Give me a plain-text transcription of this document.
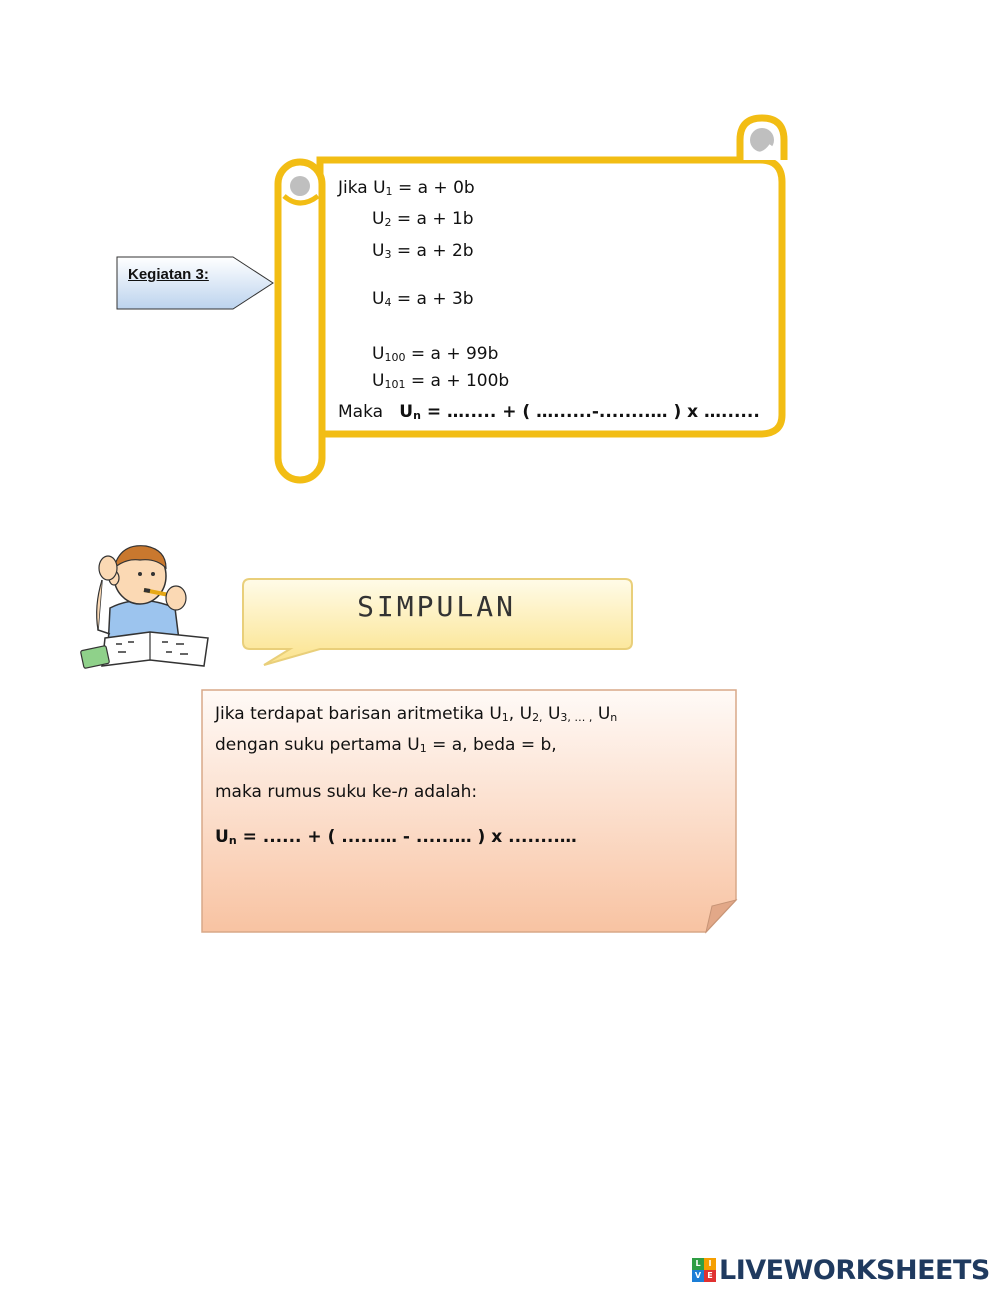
Kegiatan 3:
Jika $U_1 = a + 0b$
$U_2 = a + 1b$
$U_3 = a + 2b$
$U_4 = a + 3b$
$U_{100} = a + 99b$
$U_{101} = a + 100b$
Maka $U_n$ = …..... + ( …......-........… ) x …......
SIMPULAN
Jika terdapat barisan aritmetika $U_1$, $U_{2,}$ $U_{3, \dots ,}$ $U_n$
dengan suku pertama $U_1 = a$, beda = b,
maka rumus suku ke-n adalah:
$U_n$ = ...... + ( ......… - ......… ) x ........…
L I
V E LIVEWORKSHEETS
